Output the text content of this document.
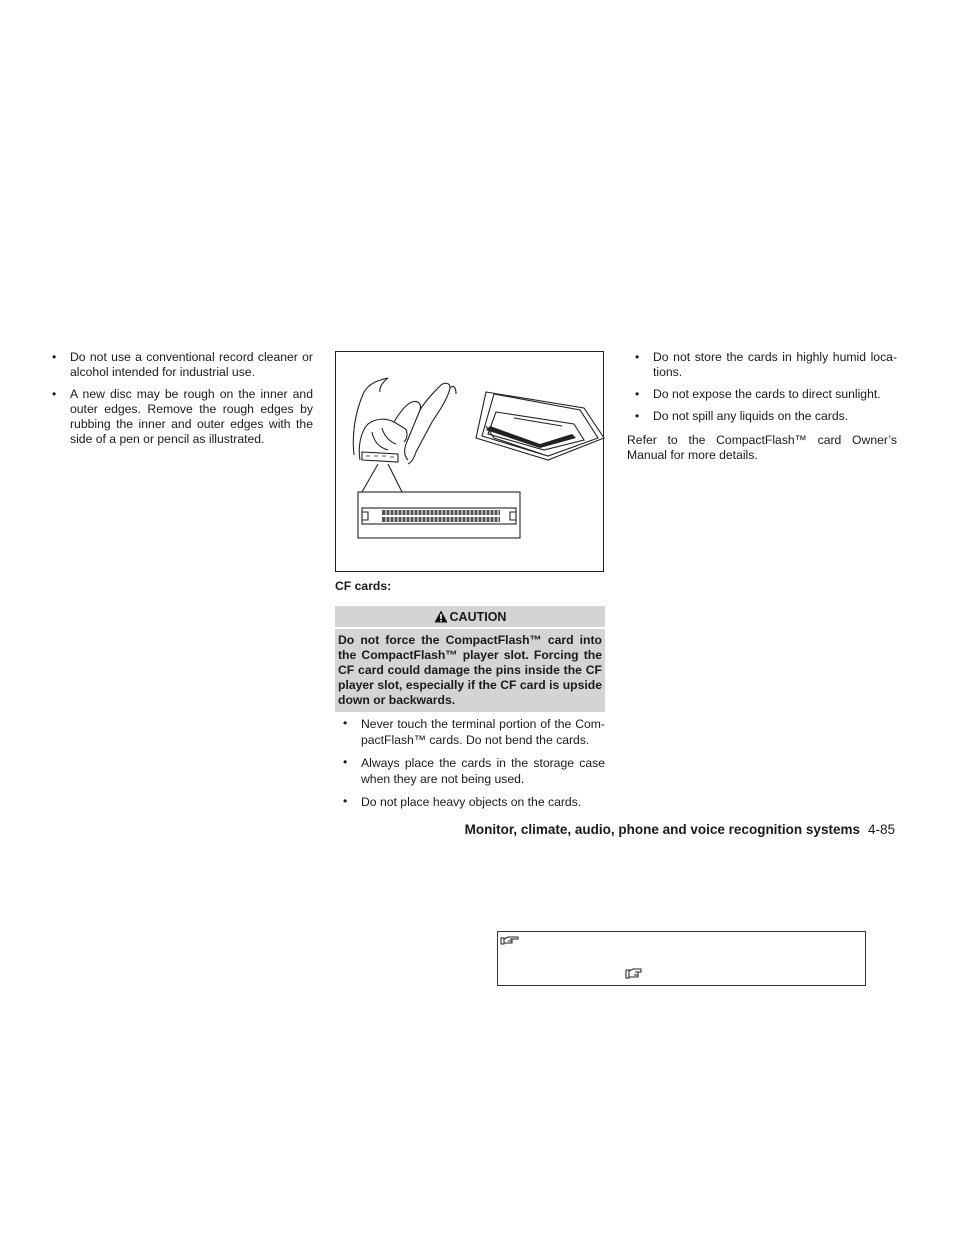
• Do not use a conventional record cleaner or alcohol intended for industrial use.
• A new disc may be rough on the inner and outer edges. Remove the rough edges by rubbing the inner and outer edges with the side of a pen or pencil as illustrated.
CF cards:
CAUTION
Do not force the CompactFlash™ card into the CompactFlash™ player slot. Forcing the CF card could damage the pins inside the CF player slot, especially if the CF card is upside down or backwards.
• Never touch the terminal portion of the Com-pactFlash™ cards. Do not bend the cards.
• Always place the cards in the storage case when they are not being used.
• Do not place heavy objects on the cards.
• Do not store the cards in highly humid loca-tions.
• Do not expose the cards to direct sunlight.
• Do not spill any liquids on the cards.

Refer to the CompactFlash™ card Owner’s Manual for more details.

Monitor, climate, audio, phone and voice recognition systems 4-85
